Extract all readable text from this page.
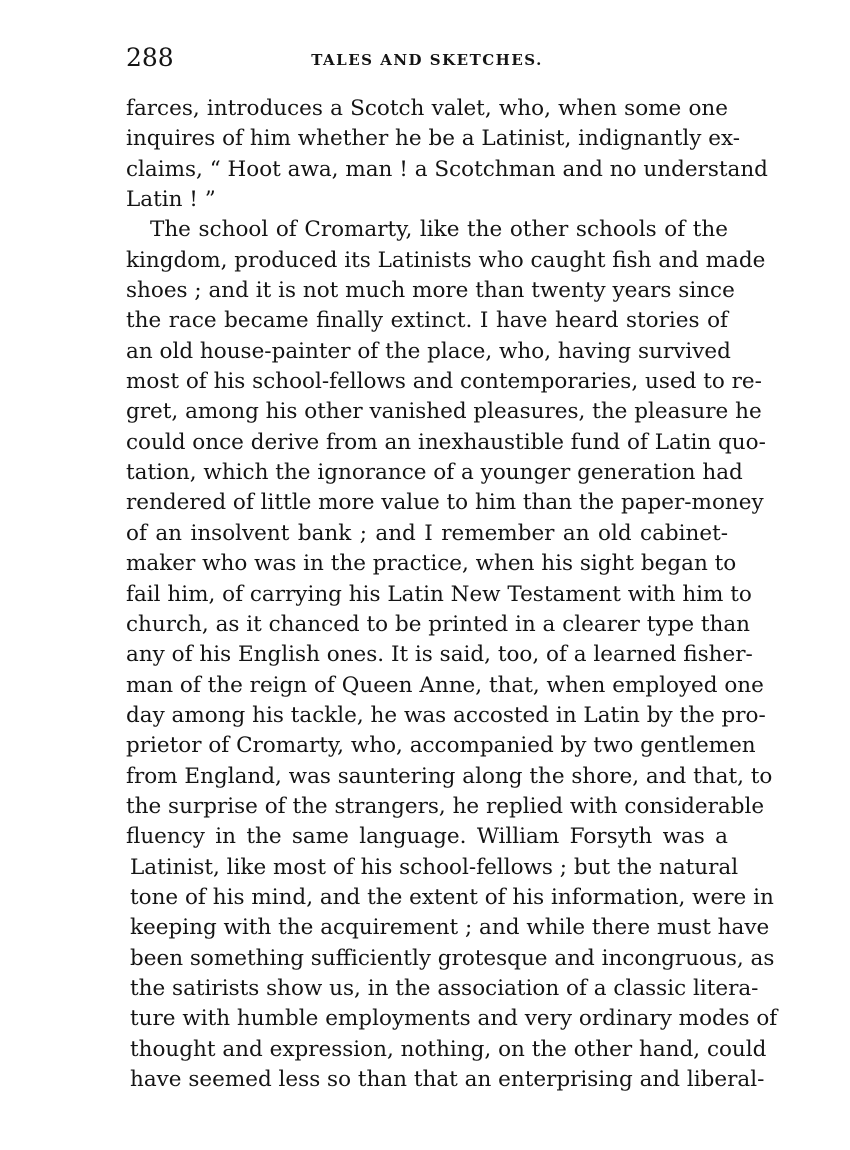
288	TALES AND SKETCHES.
farces, introduces a Scotch valet, who, when some one
inquires of him whether he be a Latinist, indignantly ex-
claims, “ Hoot awa, man ! a Scotchman and no understand
Latin ! ”
The school of Cromarty, like the other schools of the
kingdom, produced its Latinists who caught fish and made
shoes ; and it is not much more than twenty years since
the race became finally extinct. I have heard stories of
an old house-painter of the place, who, having survived
most of his school-fellows and contemporaries, used to re-
gret, among his other vanished pleasures, the pleasure he
could once derive from an inexhaustible fund of Latin quo-
tation, which the ignorance of a younger generation had
rendered of little more value to him than the paper-money
of an insolvent bank ; and I remember an old cabinet-
maker who was in the practice, when his sight began to
fail him, of carrying his Latin New Testament with him to
church, as it chanced to be printed in a clearer type than
any of his English ones. It is said, too, of a learned fisher-
man of the reign of Queen Anne, that, when employed one
day among his tackle, he was accosted in Latin by the pro-
prietor of Cromarty, who, accompanied by two gentlemen
from England, was sauntering along the shore, and that, to
the surprise of the strangers, he replied with considerable
fluency in the same language. William Forsyth was a
Latinist, like most of his school-fellows ; but the natural
tone of his mind, and the extent of his information, were in
keeping with the acquirement ; and while there must have
been something sufficiently grotesque and incongruous, as
the satirists show us, in the association of a classic litera-
ture with humble employments and very ordinary modes of
thought and expression, nothing, on the other hand, could
have seemed less so than that an enterprising and liberal-
